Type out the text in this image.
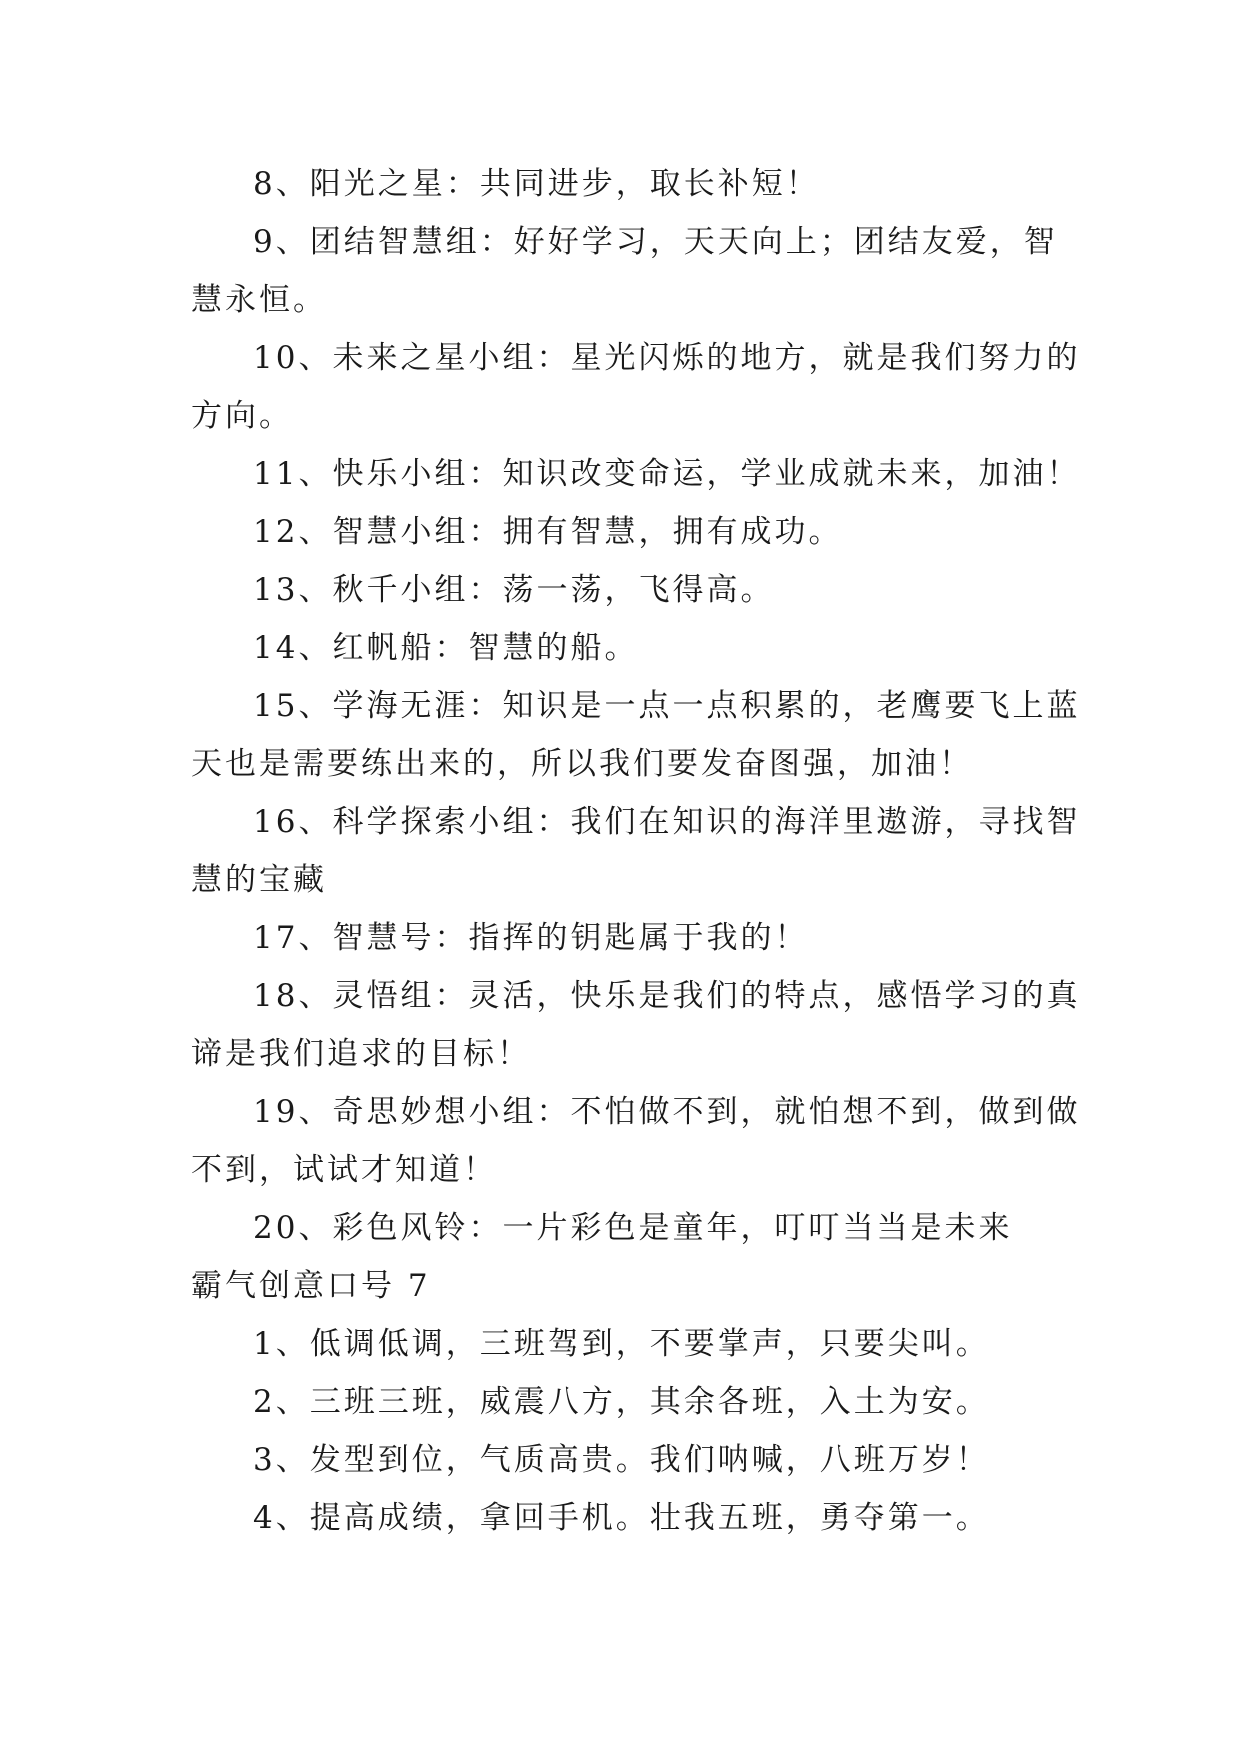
8、阳光之星：共同进步，取长补短！
9、团结智慧组：好好学习，天天向上；团结友爱，智
慧永恒。
10、未来之星小组：星光闪烁的地方，就是我们努力的
方向。
11、快乐小组：知识改变命运，学业成就未来，加油！
12、智慧小组：拥有智慧，拥有成功。
13、秋千小组：荡一荡，飞得高。
14、红帆船：智慧的船。
15、学海无涯：知识是一点一点积累的，老鹰要飞上蓝
天也是需要练出来的，所以我们要发奋图强，加油！
16、科学探索小组：我们在知识的海洋里遨游，寻找智
慧的宝藏
17、智慧号：指挥的钥匙属于我的！
18、灵悟组：灵活，快乐是我们的特点，感悟学习的真
谛是我们追求的目标！
19、奇思妙想小组：不怕做不到，就怕想不到，做到做
不到，试试才知道！
20、彩色风铃：一片彩色是童年，叮叮当当是未来
霸气创意口号 7
1、低调低调，三班驾到，不要掌声，只要尖叫。
2、三班三班，威震八方，其余各班，入土为安。
3、发型到位，气质高贵。我们呐喊，八班万岁！
4、提高成绩，拿回手机。壮我五班，勇夺第一。
